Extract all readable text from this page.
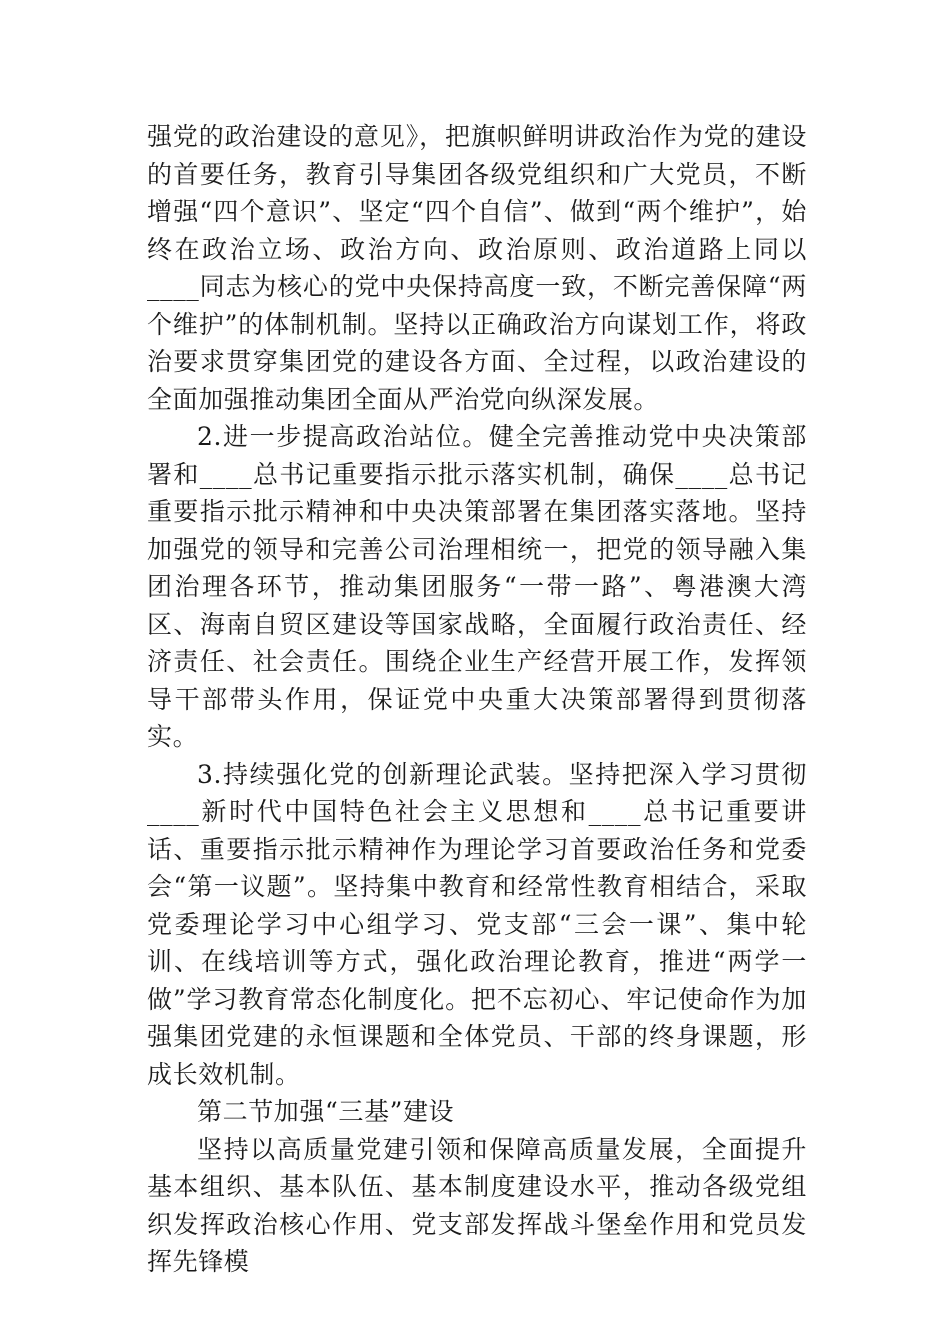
强党的政治建设的意见》，把旗帜鲜明讲政治作为党的建设的首要任务，教育引导集团各级党组织和广大党员，不断增强“四个意识”、坚定“四个自信”、做到“两个维护”，始终在政治立场、政治方向、政治原则、政治道路上同以____同志为核心的党中央保持高度一致，不断完善保障“两个维护”的体制机制。坚持以正确政治方向谋划工作，将政治要求贯穿集团党的建设各方面、全过程，以政治建设的全面加强推动集团全面从严治党向纵深发展。

2.进一步提高政治站位。健全完善推动党中央决策部署和____总书记重要指示批示落实机制，确保____总书记重要指示批示精神和中央决策部署在集团落实落地。坚持加强党的领导和完善公司治理相统一，把党的领导融入集团治理各环节，推动集团服务“一带一路”、粤港澳大湾区、海南自贸区建设等国家战略，全面履行政治责任、经济责任、社会责任。围绕企业生产经营开展工作，发挥领导干部带头作用，保证党中央重大决策部署得到贯彻落实。

3.持续强化党的创新理论武装。坚持把深入学习贯彻____新时代中国特色社会主义思想和____总书记重要讲话、重要指示批示精神作为理论学习首要政治任务和党委会“第一议题”。坚持集中教育和经常性教育相结合，采取党委理论学习中心组学习、党支部“三会一课”、集中轮训、在线培训等方式，强化政治理论教育，推进“两学一做”学习教育常态化制度化。把不忘初心、牢记使命作为加强集团党建的永恒课题和全体党员、干部的终身课题，形成长效机制。

第二节加强“三基”建设

坚持以高质量党建引领和保障高质量发展，全面提升基本组织、基本队伍、基本制度建设水平，推动各级党组织发挥政治核心作用、党支部发挥战斗堡垒作用和党员发挥先锋模
